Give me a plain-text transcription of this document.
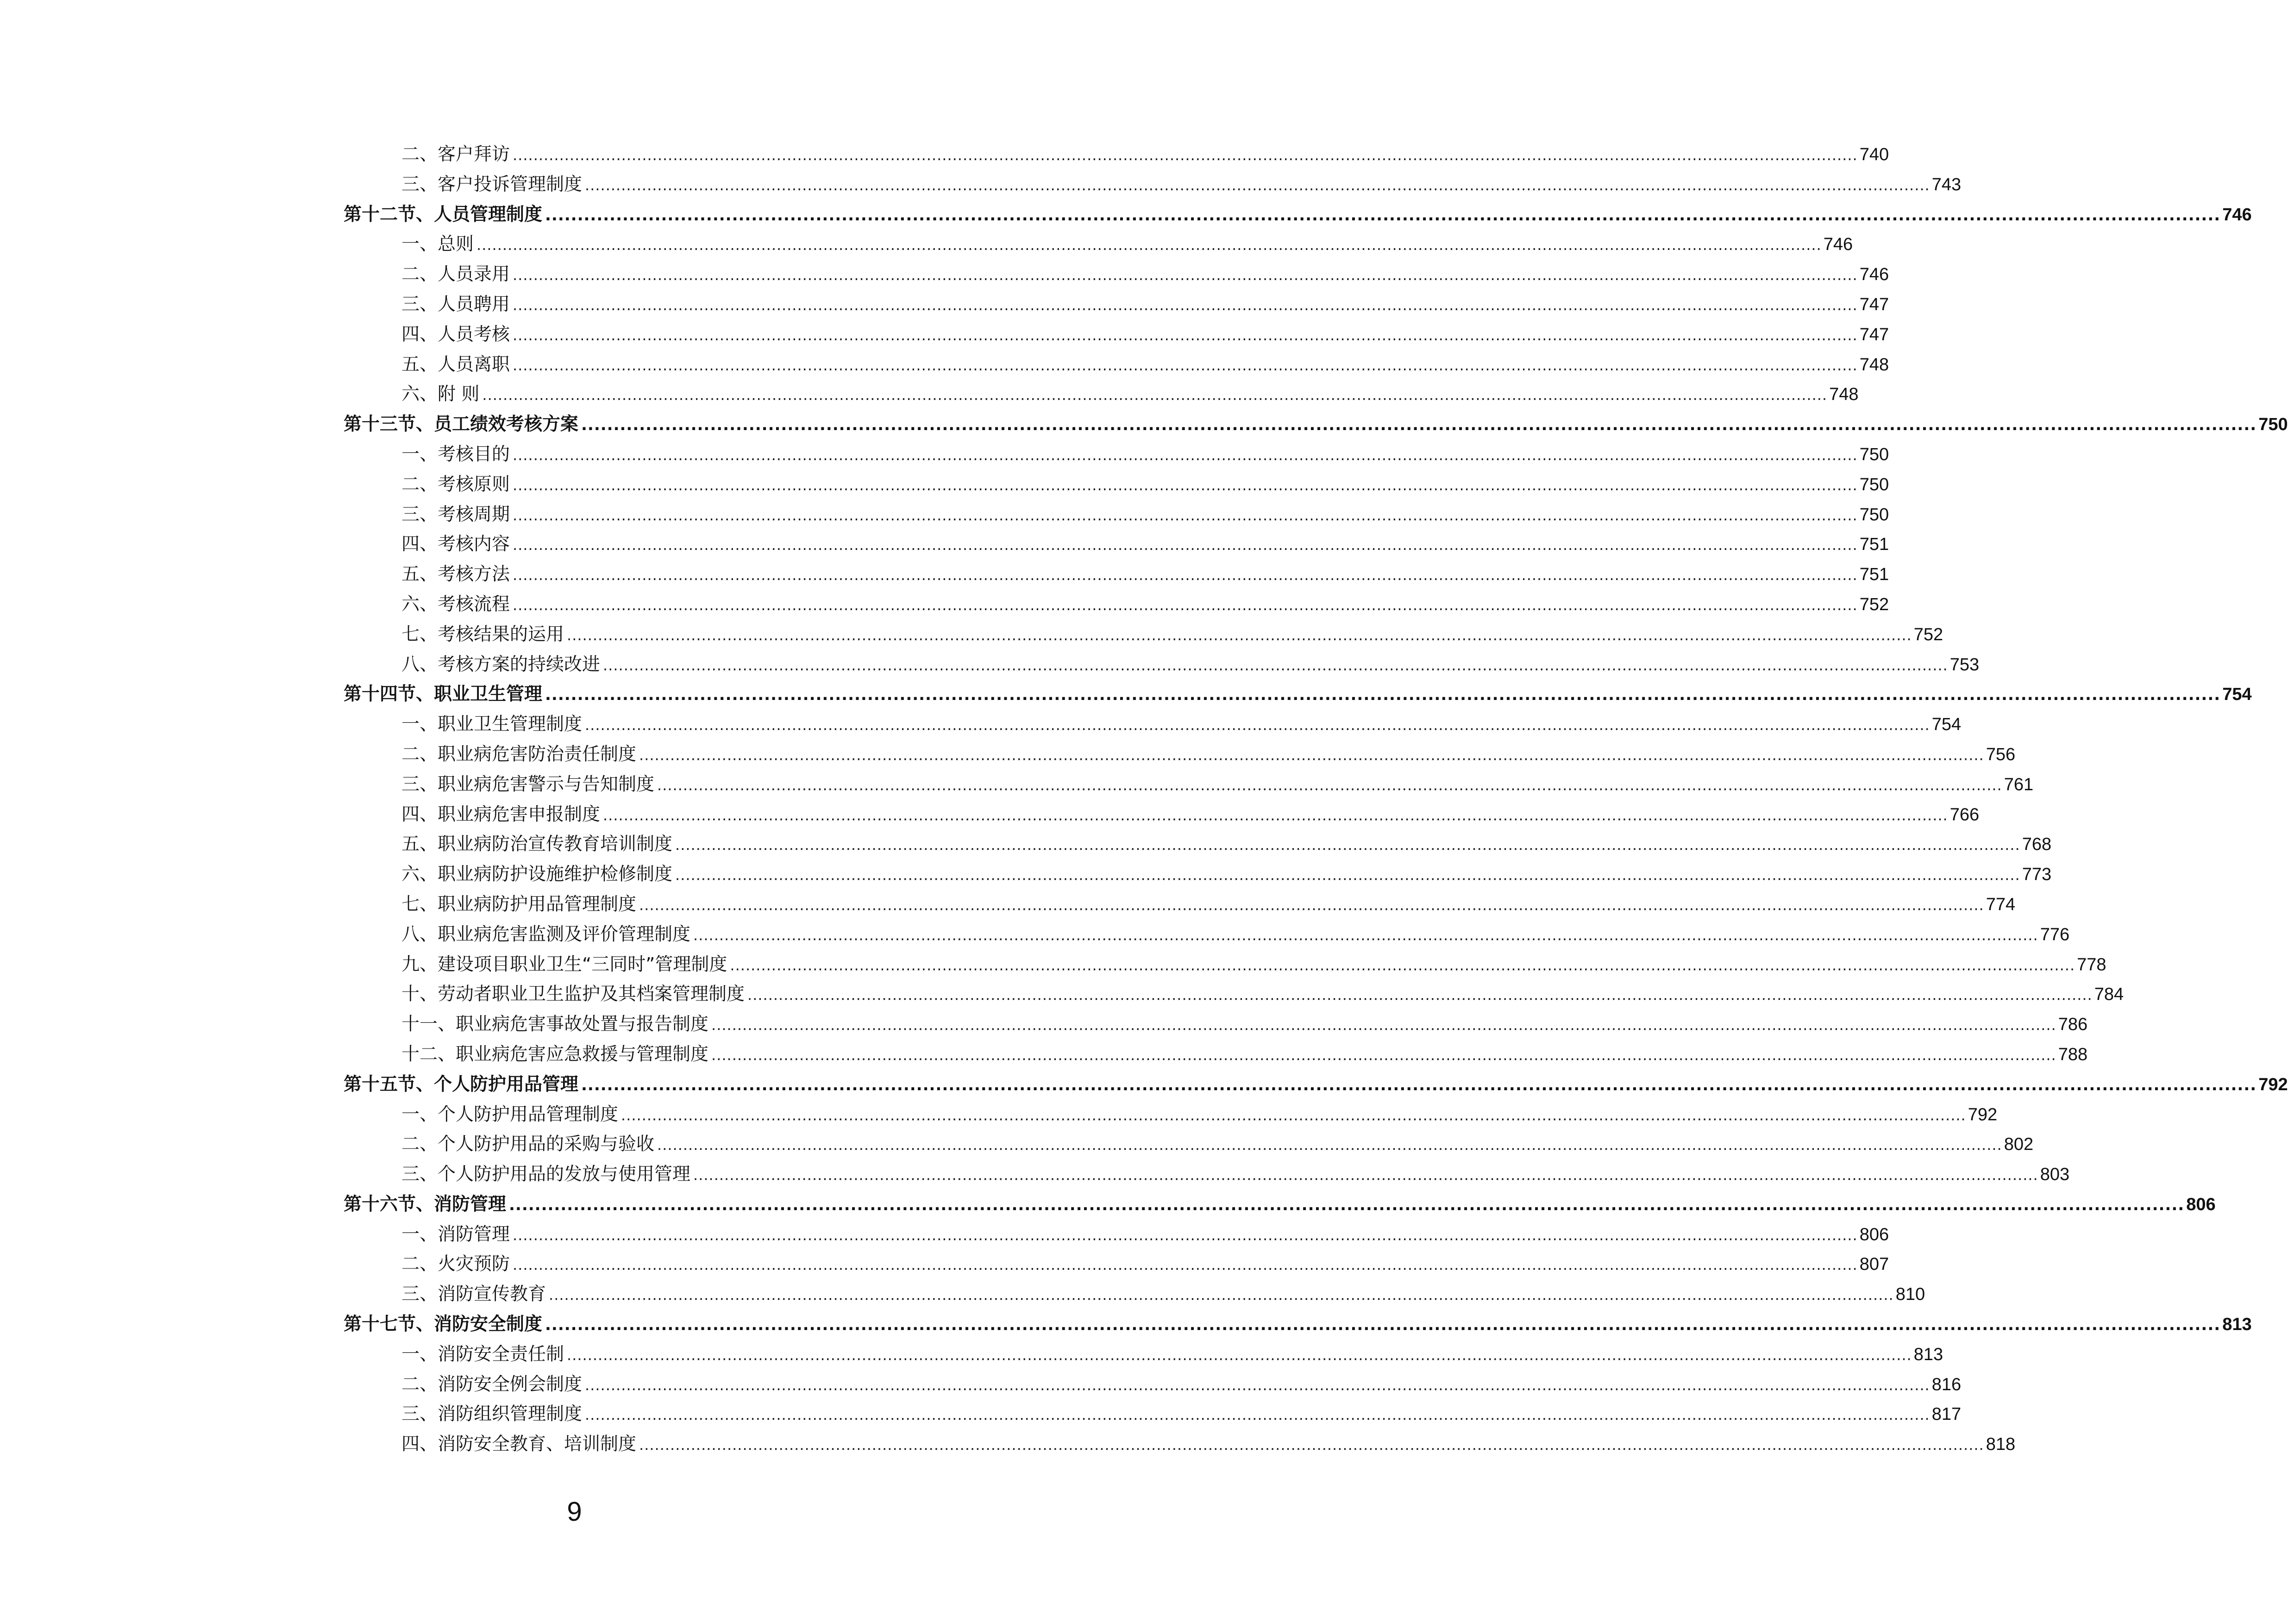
二、客户拜访 .................................................................................................................................................................................................................................................................... 740
三、客户投诉管理制度 .................................................................................................................................................................................................................................................................... 743
第十二节、人员管理制度 .................................................................................................................................................................................................................................................................... 746
一、总则 .................................................................................................................................................................................................................................................................... 746
二、人员录用 .................................................................................................................................................................................................................................................................... 746
三、人员聘用 .................................................................................................................................................................................................................................................................... 747
四、人员考核 .................................................................................................................................................................................................................................................................... 747
五、人员离职 .................................................................................................................................................................................................................................................................... 748
六、附 则 .................................................................................................................................................................................................................................................................... 748
第十三节、员工绩效考核方案 .................................................................................................................................................................................................................................................................... 750
一、考核目的 .................................................................................................................................................................................................................................................................... 750
二、考核原则 .................................................................................................................................................................................................................................................................... 750
三、考核周期 .................................................................................................................................................................................................................................................................... 750
四、考核内容 .................................................................................................................................................................................................................................................................... 751
五、考核方法 .................................................................................................................................................................................................................................................................... 751
六、考核流程 .................................................................................................................................................................................................................................................................... 752
七、考核结果的运用 .................................................................................................................................................................................................................................................................... 752
八、考核方案的持续改进 .................................................................................................................................................................................................................................................................... 753
第十四节、职业卫生管理 .................................................................................................................................................................................................................................................................... 754
一、职业卫生管理制度 .................................................................................................................................................................................................................................................................... 754
二、职业病危害防治责任制度 .................................................................................................................................................................................................................................................................... 756
三、职业病危害警示与告知制度 .................................................................................................................................................................................................................................................................... 761
四、职业病危害申报制度 .................................................................................................................................................................................................................................................................... 766
五、职业病防治宣传教育培训制度 .................................................................................................................................................................................................................................................................... 768
六、职业病防护设施维护检修制度 .................................................................................................................................................................................................................................................................... 773
七、职业病防护用品管理制度 .................................................................................................................................................................................................................................................................... 774
八、职业病危害监测及评价管理制度 .................................................................................................................................................................................................................................................................... 776
九、建设项目职业卫生“三同时”管理制度 .................................................................................................................................................................................................................................................................... 778
十、劳动者职业卫生监护及其档案管理制度 .................................................................................................................................................................................................................................................................... 784
十一、职业病危害事故处置与报告制度 .................................................................................................................................................................................................................................................................... 786
十二、职业病危害应急救援与管理制度 .................................................................................................................................................................................................................................................................... 788
第十五节、个人防护用品管理 .................................................................................................................................................................................................................................................................... 792
一、个人防护用品管理制度 .................................................................................................................................................................................................................................................................... 792
二、个人防护用品的采购与验收 .................................................................................................................................................................................................................................................................... 802
三、个人防护用品的发放与使用管理 .................................................................................................................................................................................................................................................................... 803
第十六节、消防管理 .................................................................................................................................................................................................................................................................... 806
一、消防管理 .................................................................................................................................................................................................................................................................... 806
二、火灾预防 .................................................................................................................................................................................................................................................................... 807
三、消防宣传教育 .................................................................................................................................................................................................................................................................... 810
第十七节、消防安全制度 .................................................................................................................................................................................................................................................................... 813
一、消防安全责任制 .................................................................................................................................................................................................................................................................... 813
二、消防安全例会制度 .................................................................................................................................................................................................................................................................... 816
三、消防组织管理制度 .................................................................................................................................................................................................................................................................... 817
四、消防安全教育、培训制度 .................................................................................................................................................................................................................................................................... 818
9
